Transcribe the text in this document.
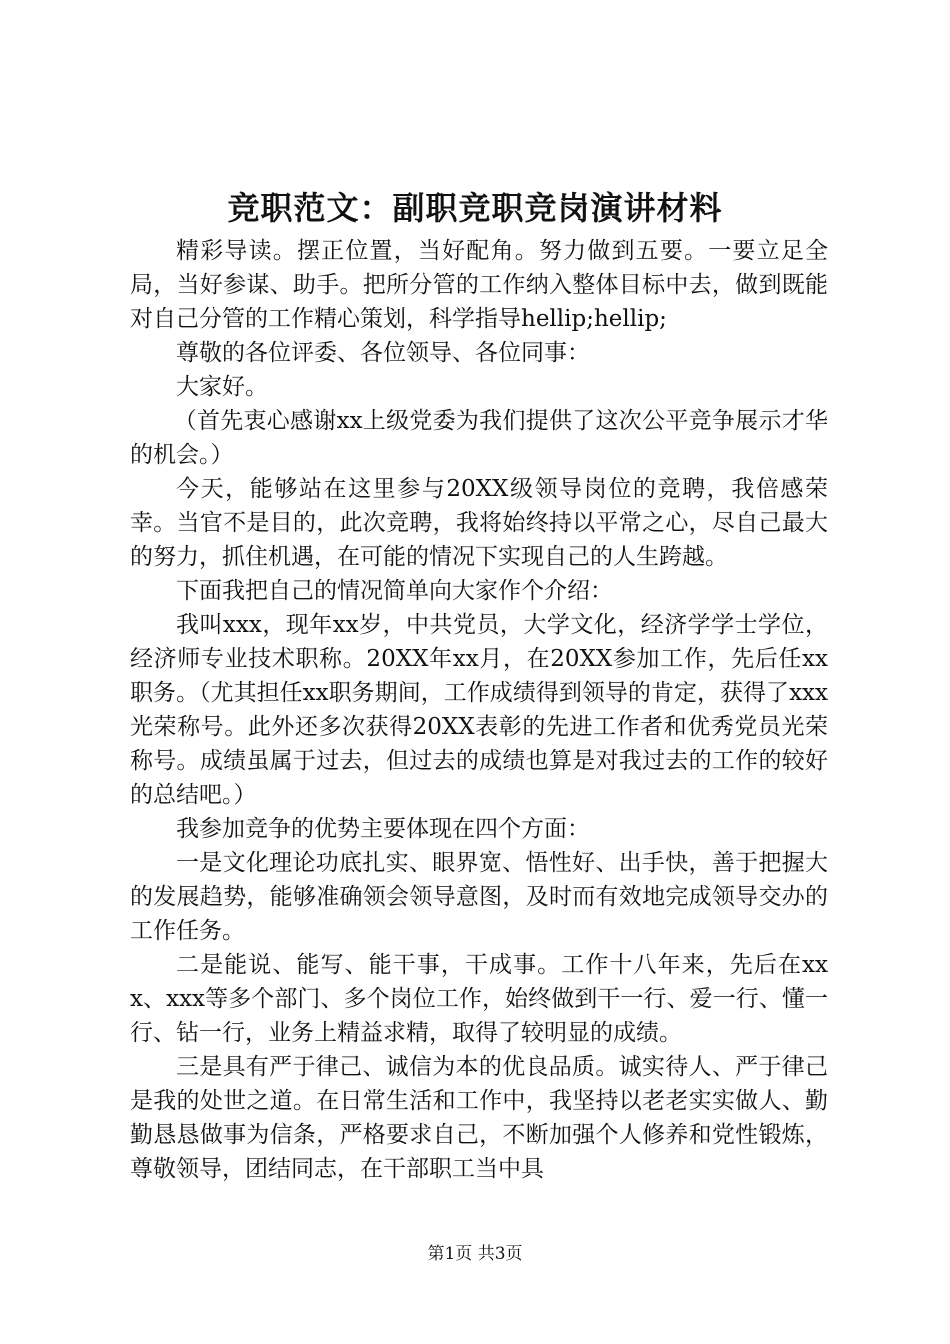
竞职范文：副职竞职竞岗演讲材料

精彩导读。摆正位置，当好配角。努力做到五要。一要立足全局，当好参谋、助手。把所分管的工作纳入整体目标中去，做到既能对自己分管的工作精心策划，科学指导hellip;hellip;

尊敬的各位评委、各位领导、各位同事：

大家好。

（首先衷心感谢xx上级党委为我们提供了这次公平竞争展示才华的机会。）

今天，能够站在这里参与20XX级领导岗位的竞聘，我倍感荣幸。当官不是目的，此次竞聘，我将始终持以平常之心，尽自己最大的努力，抓住机遇，在可能的情况下实现自己的人生跨越。

下面我把自己的情况简单向大家作个介绍：

我叫xxx，现年xx岁，中共党员，大学文化，经济学学士学位，经济师专业技术职称。20XX年xx月，在20XX参加工作，先后任xx职务。（尤其担任xx职务期间，工作成绩得到领导的肯定，获得了xxx光荣称号。此外还多次获得20XX表彰的先进工作者和优秀党员光荣称号。成绩虽属于过去，但过去的成绩也算是对我过去的工作的较好的总结吧。）

我参加竞争的优势主要体现在四个方面：

一是文化理论功底扎实、眼界宽、悟性好、出手快，善于把握大的发展趋势，能够准确领会领导意图，及时而有效地完成领导交办的工作任务。

二是能说、能写、能干事，干成事。工作十八年来，先后在xxx、xxx等多个部门、多个岗位工作，始终做到干一行、爱一行、懂一行、钻一行，业务上精益求精，取得了较明显的成绩。

三是具有严于律己、诚信为本的优良品质。诚实待人、严于律己是我的处世之道。在日常生活和工作中，我坚持以老老实实做人、勤勤恳恳做事为信条，严格要求自己，不断加强个人修养和党性锻炼，尊敬领导，团结同志，在干部职工当中具

第1页 共3页
